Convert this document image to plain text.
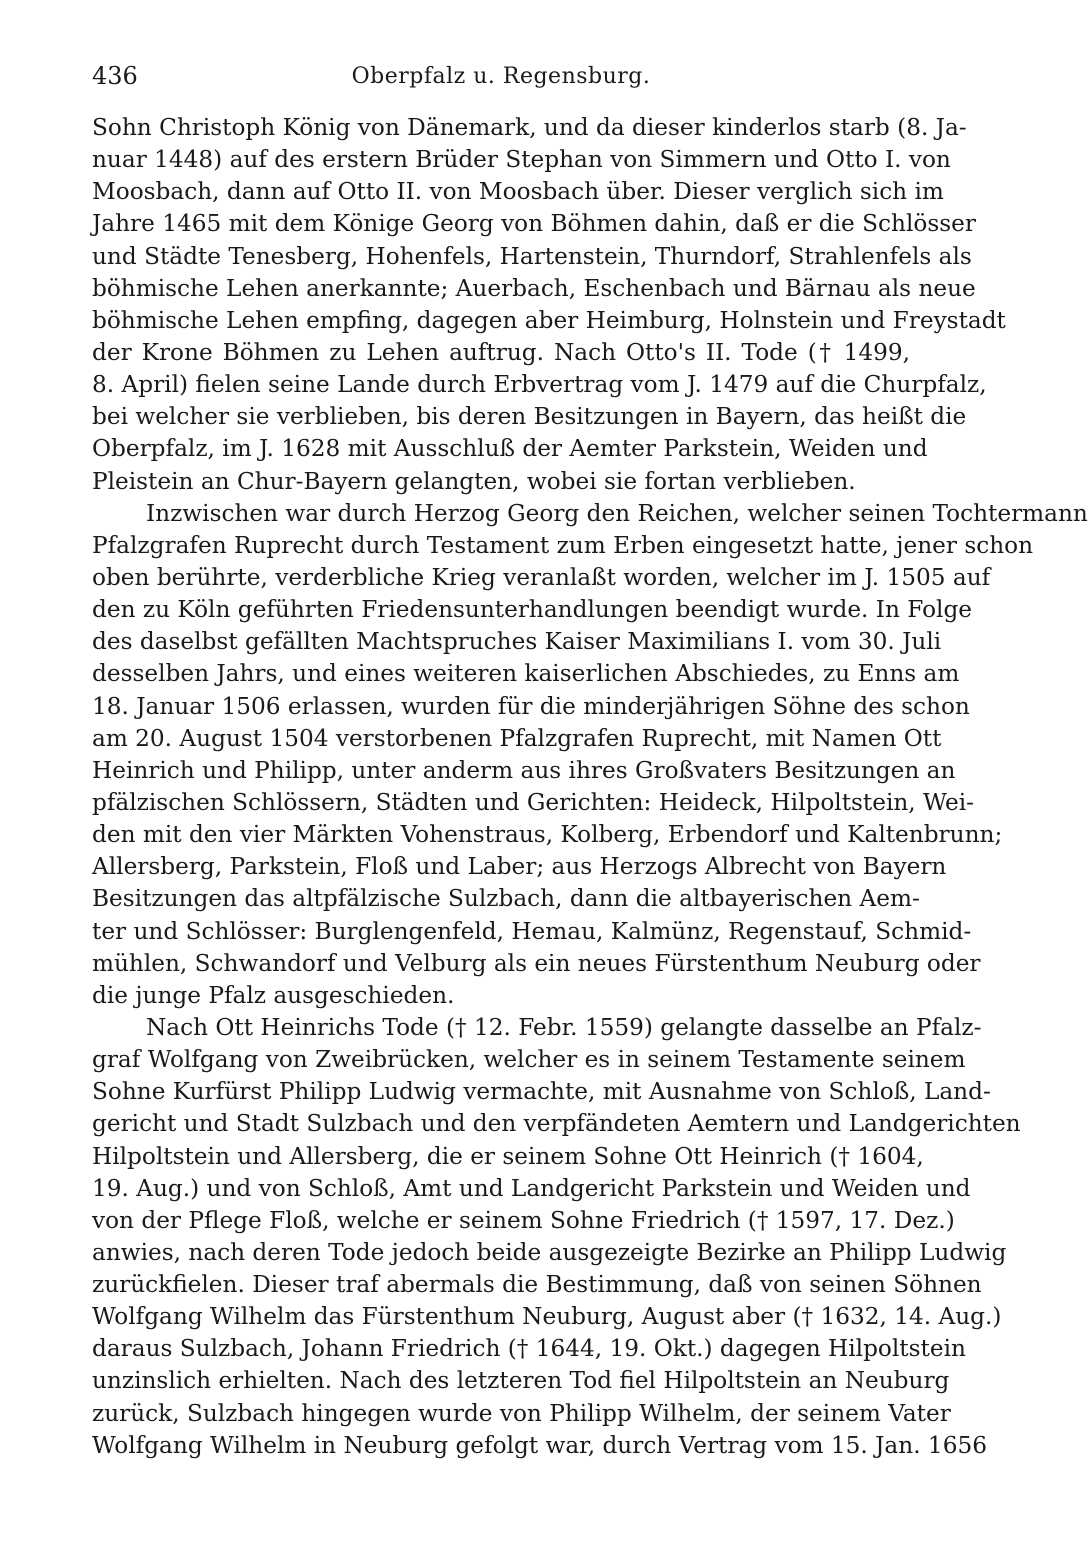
436	Oberpfalz u. Regensburg.
Sohn Christoph König von Dänemark, und da dieser kinderlos starb (8. Ja-
nuar 1448) auf des erstern Brüder Stephan von Simmern und Otto I. von
Moosbach, dann auf Otto II. von Moosbach über. Dieser verglich sich im
Jahre 1465 mit dem Könige Georg von Böhmen dahin, daß er die Schlösser
und Städte Tenesberg, Hohenfels, Hartenstein, Thurndorf, Strahlenfels als
böhmische Lehen anerkannte; Auerbach, Eschenbach und Bärnau als neue
böhmische Lehen empfing, dagegen aber Heimburg, Holnstein und Freystadt
der Krone Böhmen zu Lehen auftrug. Nach Otto's II. Tode († 1499,
8. April) fielen seine Lande durch Erbvertrag vom J. 1479 auf die Churpfalz,
bei welcher sie verblieben, bis deren Besitzungen in Bayern, das heißt die
Oberpfalz, im J. 1628 mit Ausschluß der Aemter Parkstein, Weiden und
Pleistein an Chur-Bayern gelangten, wobei sie fortan verblieben.
Inzwischen war durch Herzog Georg den Reichen, welcher seinen Tochtermann
Pfalzgrafen Ruprecht durch Testament zum Erben eingesetzt hatte, jener schon
oben berührte, verderbliche Krieg veranlaßt worden, welcher im J. 1505 auf
den zu Köln geführten Friedensunterhandlungen beendigt wurde. In Folge
des daselbst gefällten Machtspruches Kaiser Maximilians I. vom 30. Juli
desselben Jahrs, und eines weiteren kaiserlichen Abschiedes, zu Enns am
18. Januar 1506 erlassen, wurden für die minderjährigen Söhne des schon
am 20. August 1504 verstorbenen Pfalzgrafen Ruprecht, mit Namen Ott
Heinrich und Philipp, unter anderm aus ihres Großvaters Besitzungen an
pfälzischen Schlössern, Städten und Gerichten: Heideck, Hilpoltstein, Wei-
den mit den vier Märkten Vohenstraus, Kolberg, Erbendorf und Kaltenbrunn;
Allersberg, Parkstein, Floß und Laber; aus Herzogs Albrecht von Bayern
Besitzungen das altpfälzische Sulzbach, dann die altbayerischen Aem-
ter und Schlösser: Burglengenfeld, Hemau, Kalmünz, Regenstauf, Schmid-
mühlen, Schwandorf und Velburg als ein neues Fürstenthum Neuburg oder
die junge Pfalz ausgeschieden.
Nach Ott Heinrichs Tode († 12. Febr. 1559) gelangte dasselbe an Pfalz-
graf Wolfgang von Zweibrücken, welcher es in seinem Testamente seinem
Sohne Kurfürst Philipp Ludwig vermachte, mit Ausnahme von Schloß, Land-
gericht und Stadt Sulzbach und den verpfändeten Aemtern und Landgerichten
Hilpoltstein und Allersberg, die er seinem Sohne Ott Heinrich († 1604,
19. Aug.) und von Schloß, Amt und Landgericht Parkstein und Weiden und
von der Pflege Floß, welche er seinem Sohne Friedrich († 1597, 17. Dez.)
anwies, nach deren Tode jedoch beide ausgezeigte Bezirke an Philipp Ludwig
zurückfielen. Dieser traf abermals die Bestimmung, daß von seinen Söhnen
Wolfgang Wilhelm das Fürstenthum Neuburg, August aber († 1632, 14. Aug.)
daraus Sulzbach, Johann Friedrich († 1644, 19. Okt.) dagegen Hilpoltstein
unzinslich erhielten. Nach des letzteren Tod fiel Hilpoltstein an Neuburg
zurück, Sulzbach hingegen wurde von Philipp Wilhelm, der seinem Vater
Wolfgang Wilhelm in Neuburg gefolgt war, durch Vertrag vom 15. Jan. 1656
